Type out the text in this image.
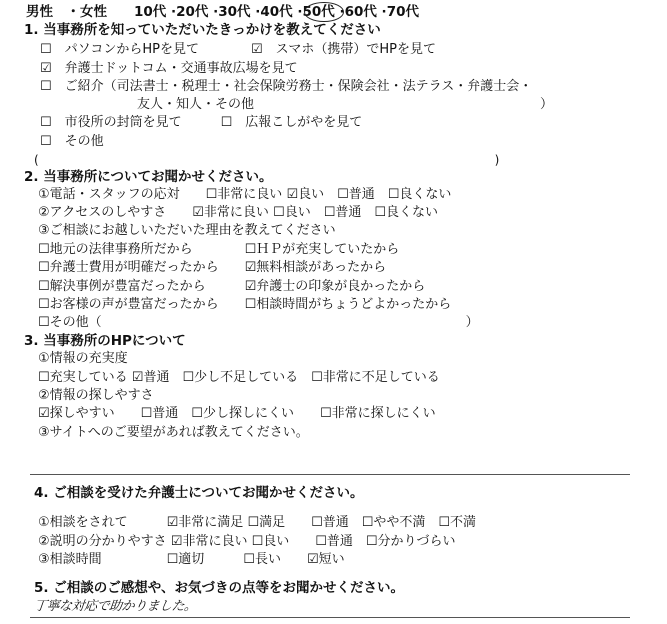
男性　・女性　　10代 ·20代 ·30代 ·40代 ·50代 ·60代 ·70代
1. 当事務所を知っていただいたきっかけを教えてください
☐　パソコンからHPを見て　　　　☑　スマホ（携帯）でHPを見て
☑　弁護士ドットコム・交通事故広場を見て
☐　ご紹介（司法書士・税理士・社会保険労務士・保険会社・法テラス・弁護士会・
友人・知人・その他　　　　　　　　　　　　　　　　　　　　　　）
☐　市役所の封筒を見て　　　☐　広報こしがやを見て
☐　その他
(　　　　　　　　　　　　　　　　　　　　　　　　　　　　　　　　　　　　　　)
2. 当事務所についてお聞かせください。
①電話・スタッフの応対　　☐非常に良い ☑良い　☐普通　☐良くない
②アクセスのしやすさ　　☑非常に良い ☐良い　☐普通　☐良くない
③ご相談にお越しいただいた理由を教えてください
☐地元の法律事務所だから　　　　☐ＨＰが充実していたから
☐弁護士費用が明確だったから　　☑無料相談があったから
☐解決事例が豊富だったから　　　☑弁護士の印象が良かったから
☐お客様の声が豊富だったから　　☐相談時間がちょうどよかったから
☐その他（　　　　　　　　　　　　　　　　　　　　　　　　　　　　）
3. 当事務所のHPについて
①情報の充実度
☐充実している ☑普通　☐少し不足している　☐非常に不足している
②情報の探しやすさ
☑探しやすい　　☐普通　☐少し探しにくい　　☐非常に探しにくい
③サイトへのご要望があれば教えてください。
4. ご相談を受けた弁護士についてお聞かせください。
①相談をされて　　　☑非常に満足 ☐満足　　☐普通　☐やや不満　☐不満
②説明の分かりやすさ ☑非常に良い ☐良い　　☐普通　☐分かりづらい
③相談時間　　　　　☐適切　　　☐長い　　☑短い
5. ご相談のご感想や、お気づきの点等をお聞かせください。
丁寧な対応で助かりました。
